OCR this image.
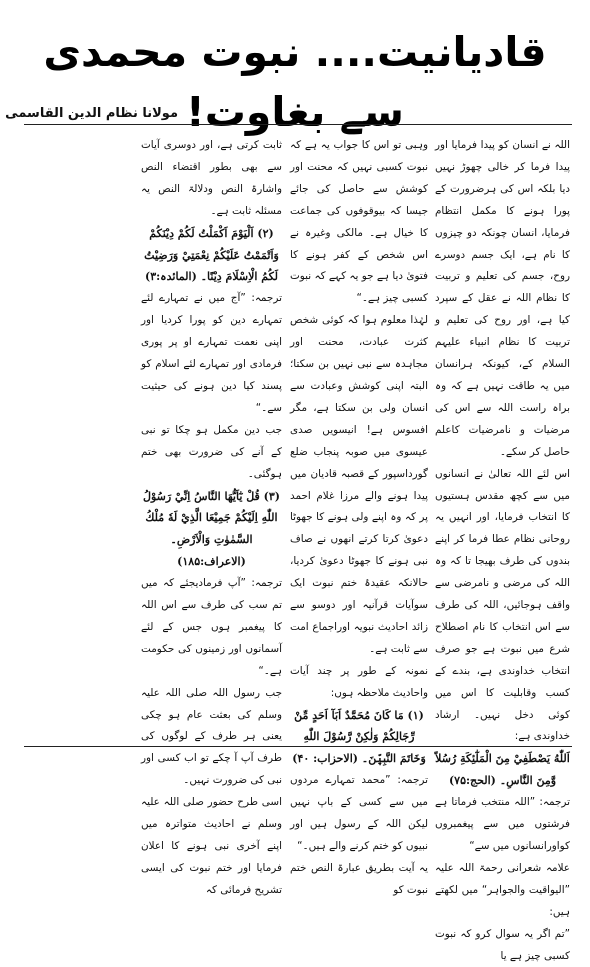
قادیانیت.... نبوت محمدی سے بغاوت!
مولانا نظام الدین القاسمی

اللہ نے انسان کو پیدا فرمایا اور پیدا فرما کر خالی چھوڑ نہیں دیا بلکہ اس کی ہرضرورت کے پورا ہونے کا مکمل انتظام فرمایا، انسان چونکہ دو چیزوں کا نام ہے، ایک جسم دوسرے روح، جسم کی تعلیم و تربیت کا نظام اللہ نے عقل کے سپرد کیا ہے، اور روح کی تعلیم و تربیت کا نظام انبیاء علیہم السلام کے، کیونکہ ہرانسان میں یہ طاقت نہیں ہے کہ وہ براہ راست اللہ سے اس کی مرضیات و نامرضیات کاعلم حاصل کر سکے۔

اس لئے اللہ تعالیٰ نے انسانوں میں سے کچھ مقدس ہستیوں کا انتخاب فرمایا، اور انہیں یہ روحانی نظام عطا فرما کر اپنے بندوں کی طرف بھیجا تا کہ وہ اللہ کی مرضی و نامرضی سے واقف ہوجائیں، اللہ کی طرف سے اس انتخاب کا نام اصطلاح شرع میں نبوت ہے جو صرف انتخاب خداوندی ہے، بندے کے کسب وقابلیت کا اس میں کوئی دخل نہیں۔ ارشاد خداوندی ہے:

اَللّٰهُ يَصْطَفِيْ مِنَ الْمَلٰٓئِكَةِ رُسُلاً وَّمِنَ النَّاسِ۔ (الحج:۷۵)

ترجمہ: ”اللہ منتخب فرماتا ہے فرشتوں میں سے پیغمبروں کواورانسانوں میں سے“

علامہ شعرانی رحمۃ اللہ علیہ ”الیواقیت والجواہر“ میں لکھتے ہیں:

”تم اگر یہ سوال کرو کہ نبوت کسبی چیز ہے یا

وہبی تو اس کا جواب یہ ہے کہ نبوت کسبی نہیں کہ محنت اور کوشش سے حاصل کی جائے جیسا کہ بیوقوفوں کی جماعت کا خیال ہے۔ مالکی وغیرہ نے اس شخص کے کفر ہونے کا فتویٰ دیا ہے جو یہ کہے کہ نبوت کسبی چیز ہے۔“

لہٰذا معلوم ہوا کہ کوئی شخص کثرت عبادت، محنت اور مجاہدہ سے نبی نہیں بن سکتا؛ البتہ اپنی کوشش وعبادت سے انسان ولی بن سکتا ہے، مگر افسوس ہے! انیسویں صدی عیسوی میں صوبہ پنجاب ضلع گورداسپور کے قصبہ قادیان میں پیدا ہونے والے مرزا غلام احمد پر کہ وہ اپنے ولی ہونے کا جھوٹا دعویٰ کرتا کرتے انھوں نے صاف نبی ہونے کا جھوٹا دعویٰ کردیا، حالانکہ عقیدۂ ختم نبوت ایک سوآیات قرآنیہ اور دوسو سے زائد احادیث نبویہ اوراجماع امت سے ثابت ہے۔

نمونہ کے طور پر چند آیات واحادیث ملاحظہ ہوں:

(۱) مَا كَانَ مُحَمَّدٌ اَبَآ اَحَدٍ مِّنْ رِّجَالِكُمْ وَلٰكِنْ رَّسُوْلَ اللّٰهِ وَخَاتَمَ النَّبِيّٖنَ۔ (الاحزاب: ۴۰)

ترجمہ: ”محمد تمہارے مردوں میں سے کسی کے باپ نہیں لیکن اللہ کے رسول ہیں اور نبیوں کو ختم کرنے والے ہیں۔“

یہ آیت بطریق عبارۃ النص ختم نبوت کو

ثابت کرتی ہے، اور دوسری آیات سے بھی بطور اقتضاء النص واشارۃ النص ودلالۃ النص یہ مسئلہ ثابت ہے۔

(۲) اَلْيَوْمَ اَكْمَلْتُ لَكُمْ دِيْنَكُمْ وَاَتْمَمْتُ عَلَيْكُمْ نِعْمَتِيْ وَرَضِيْتُ لَكُمُ الْاِسْلَامَ دِيْنًا۔ (المائدہ:۳)

ترجمہ: ”آج میں نے تمہارے لئے تمہارے دین کو پورا کردیا اور اپنی نعمت تمہارے او پر پوری فرمادی اور تمہارے لئے اسلام کو پسند کیا دین ہونے کی حیثیت سے۔“

جب دین مکمل ہو چکا تو نبی کے آنے کی ضرورت بھی ختم ہوگئی۔

(۳) قُلْ يٰٓاَيُّهَا النَّاسُ اِنِّيْ رَسُوْلُ اللّٰهِ اِلَيْكُمْ جَمِيْعَا الَّذِيْ لَهٗ مُلْكُ السَّمٰوٰتِ وَالْاَرْضِ۔ (الاعراف:۱۸۵)

ترجمہ: ”آپ فرمادیجئے کہ میں تم سب کی طرف سے اس اللہ کا پیغمبر ہوں جس کے لئے آسمانوں اور زمینوں کی حکومت ہے۔“

جب رسول اللہ صلی اللہ علیہ وسلم کی بعثت عام ہو چکی یعنی ہر طرف کے لوگوں کی طرف آپ آ چکے تو اب کسی اور نبی کی ضرورت نہیں۔

اسی طرح حضور صلی اللہ علیہ وسلم نے احادیث متواترہ میں اپنے آخری نبی ہونے کا اعلان فرمایا اور ختم نبوت کی ایسی تشریح فرمائی کہ
